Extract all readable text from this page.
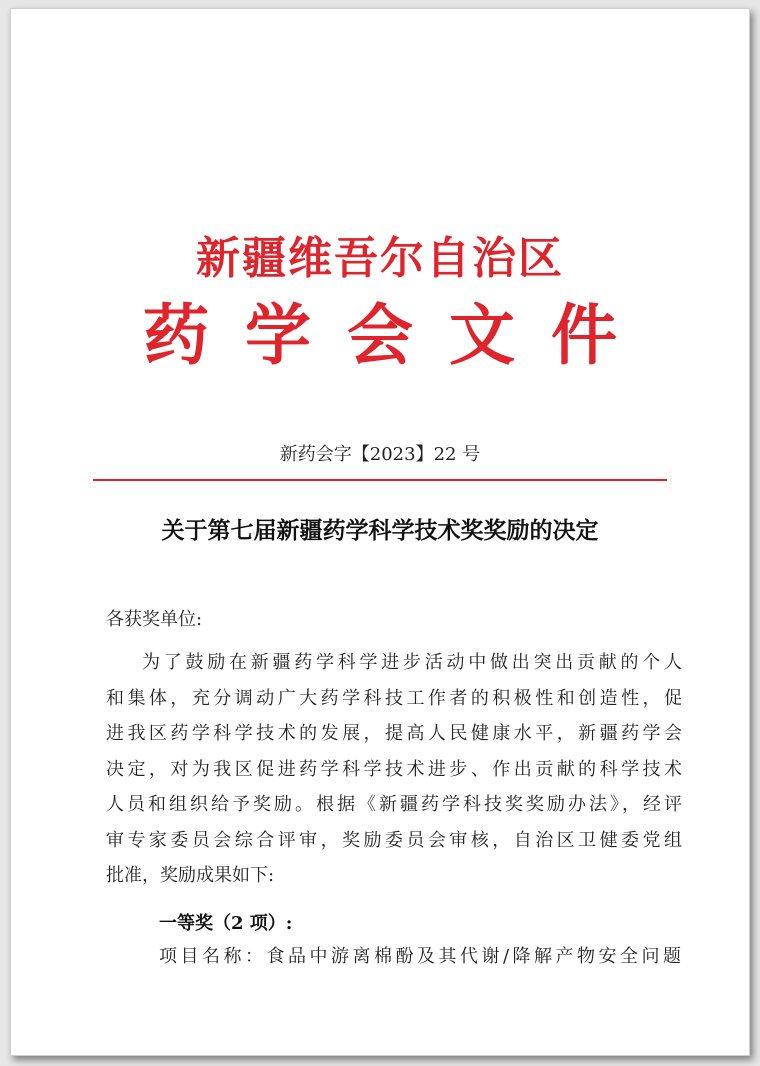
新疆维吾尔自治区
药学会文件
新药会字【2023】22 号
关于第七届新疆药学科学技术奖奖励的决定
各获奖单位:
为了鼓励在新疆药学科学进步活动中做出突出贡献的个人
和集体，充分调动广大药学科技工作者的积极性和创造性，促
进我区药学科学技术的发展，提高人民健康水平，新疆药学会
决定，对为我区促进药学科学技术进步、作出贡献的科学技术
人员和组织给予奖励。根据《新疆药学科技奖奖励办法》，经评
审专家委员会综合评审，奖励委员会审核，自治区卫健委党组
批准，奖励成果如下:
一等奖（2 项）:
项目名称：食品中游离棉酚及其代谢/降解产物安全问题
